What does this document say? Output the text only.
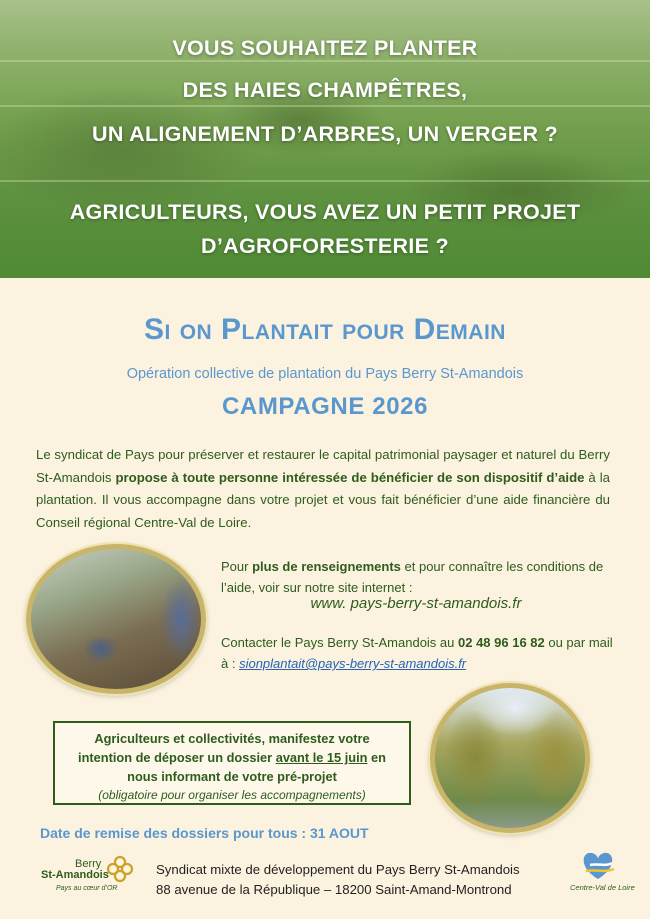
VOUS SOUHAITEZ PLANTER
DES HAIES CHAMPÊTRES,
UN ALIGNEMENT D’ARBRES, UN VERGER ?
AGRICULTEURS, VOUS AVEZ UN PETIT PROJET
D’AGROFORESTERIE ?
Si on Plantait pour Demain
Opération collective de plantation du Pays Berry St-Amandois
CAMPAGNE 2026

Le syndicat de Pays pour préserver et restaurer le capital patrimonial paysager et naturel du Berry St-Amandois propose à toute personne intéressée de bénéficier de son dispositif d’aide à la plantation. Il vous accompagne dans votre projet et vous fait bénéficier d’une aide financière du Conseil régional Centre-Val de Loire.

Pour plus de renseignements et pour connaître les conditions de l’aide, voir sur notre site internet :

www. pays-berry-st-amandois.fr

Contacter le Pays Berry St-Amandois au 02 48 96 16 82 ou par mail à : sionplantait@pays-berry-st-amandois.fr

Agriculteurs et collectivités, manifestez votre
intention de déposer un dossier avant le 15 juin en
nous informant de votre pré-projet
(obligatoire pour organiser les accompagnements)
Date de remise des dossiers pour tous : 31 AOUT
Berry
St-Amandois
Pays au cœur d’OR
Syndicat mixte de développement du Pays Berry St-Amandois
88 avenue de la République – 18200 Saint-Amand-Montrond	Centre-Val de Loire
